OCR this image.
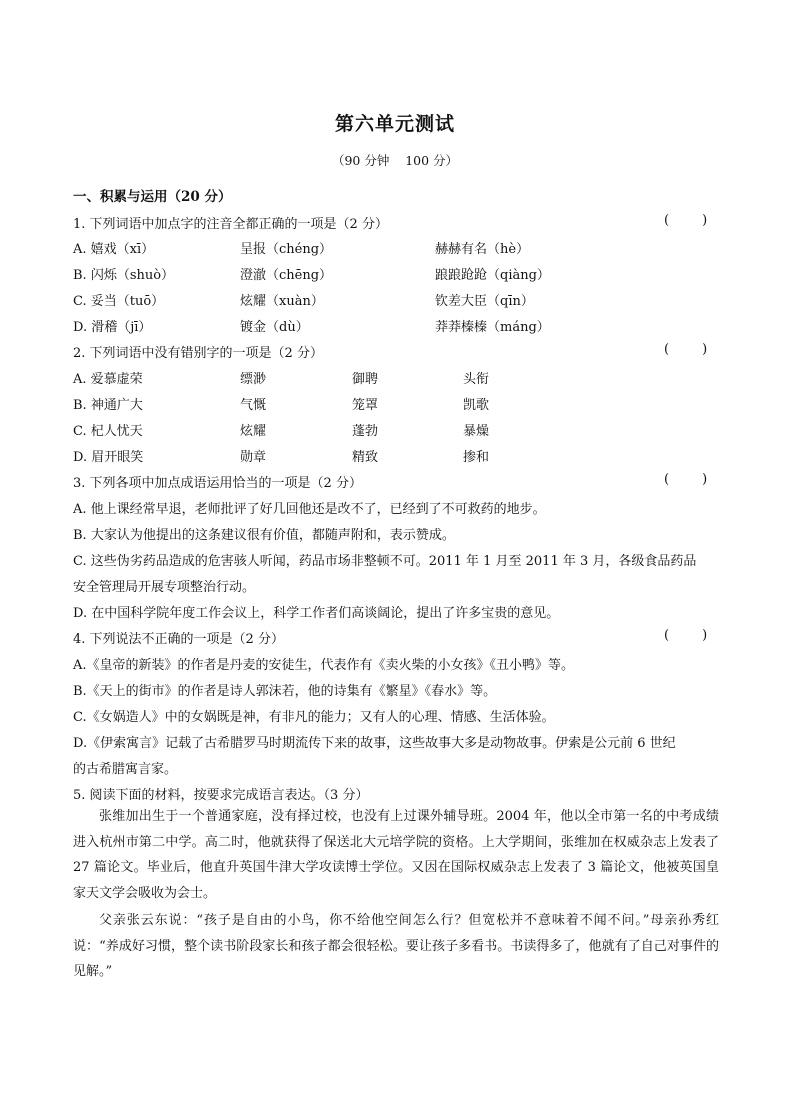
第六单元测试
（90 分钟    100 分）
一、积累与运用（20 分）
1. 下列词语中加点字的注音全都正确的一项是（2 分）	(        )
A. 嬉戏（xī）	呈报（chéng）	赫赫有名（hè）
B. 闪烁（shuò）	澄澈（chēng）	踉踉跄跄（qiàng）
C. 妥当（tuō）	炫耀（xuàn）	钦差大臣（qīn）
D. 滑稽（jī）	镀金（dù）	莽莽榛榛（máng）
2. 下列词语中没有错别字的一项是（2 分）	(        )
A. 爱慕虚荣	缥渺	御聘	头衔
B. 神通广大	气慨	笼罩	凯歌
C. 杞人忧天	炫耀	蓬勃	暴燥
D. 眉开眼笑	勋章	精致	掺和
3. 下列各项中加点成语运用恰当的一项是（2 分）	(        )
A. 他上课经常早退，老师批评了好几回他还是改不了，已经到了不可救药的地步。
B. 大家认为他提出的这条建议很有价值，都随声附和，表示赞成。
C. 这些伪劣药品造成的危害骇人听闻，药品市场非整顿不可。2011 年 1 月至 2011 年 3 月，各级食品药品
安全管理局开展专项整治行动。
D. 在中国科学院年度工作会议上，科学工作者们高谈阔论，提出了许多宝贵的意见。
4. 下列说法不正确的一项是（2 分）	(        )
A.《皇帝的新装》的作者是丹麦的安徒生，代表作有《卖火柴的小女孩》《丑小鸭》等。
B.《天上的街市》的作者是诗人郭沫若，他的诗集有《繁星》《春水》等。
C.《女娲造人》中的女娲既是神，有非凡的能力；又有人的心理、情感、生活体验。
D.《伊索寓言》记载了古希腊罗马时期流传下来的故事，这些故事大多是动物故事。伊索是公元前 6 世纪
的古希腊寓言家。
5. 阅读下面的材料，按要求完成语言表达。（3 分）
张维加出生于一个普通家庭，没有择过校，也没有上过课外辅导班。2004 年，他以全市第一名的中考成绩进入杭州市第二中学。高二时，他就获得了保送北大元培学院的资格。上大学期间，张维加在权威杂志上发表了 27 篇论文。毕业后，他直升英国牛津大学攻读博士学位。又因在国际权威杂志上发表了 3 篇论文，他被英国皇家天文学会吸收为会士。
父亲张云东说：“孩子是自由的小鸟，你不给他空间怎么行？但宽松并不意味着不闻不问。”母亲孙秀红说：“养成好习惯，整个读书阶段家长和孩子都会很轻松。要让孩子多看书。书读得多了，他就有了自己对事件的见解。”
